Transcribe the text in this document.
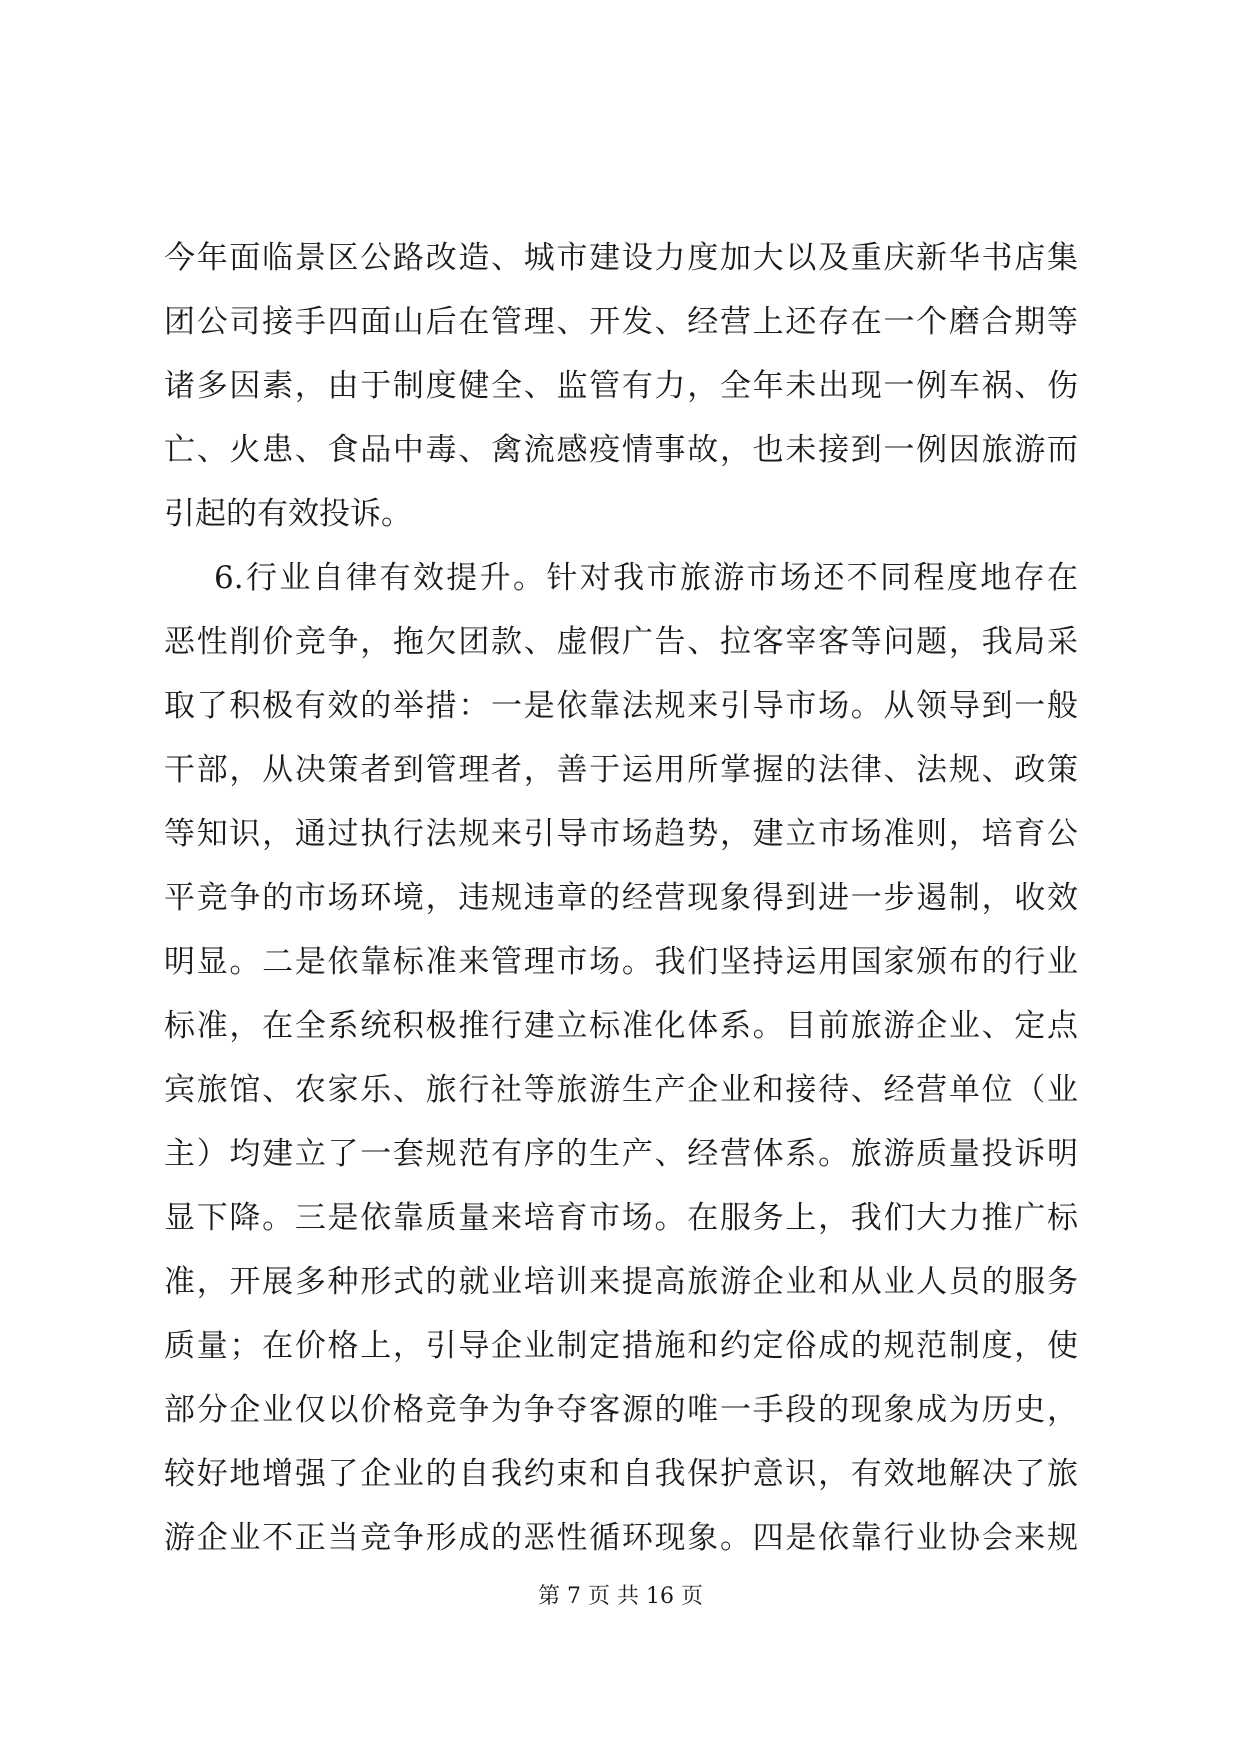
今年面临景区公路改造、城市建设力度加大以及重庆新华书店集
团公司接手四面山后在管理、开发、经营上还存在一个磨合期等
诸多因素，由于制度健全、监管有力，全年未出现一例车祸、伤
亡、火患、食品中毒、禽流感疫情事故，也未接到一例因旅游而
引起的有效投诉。
6.行业自律有效提升。针对我市旅游市场还不同程度地存在
恶性削价竞争，拖欠团款、虚假广告、拉客宰客等问题，我局采
取了积极有效的举措：一是依靠法规来引导市场。从领导到一般
干部，从决策者到管理者，善于运用所掌握的法律、法规、政策
等知识，通过执行法规来引导市场趋势，建立市场准则，培育公
平竞争的市场环境，违规违章的经营现象得到进一步遏制，收效
明显。二是依靠标准来管理市场。我们坚持运用国家颁布的行业
标准，在全系统积极推行建立标准化体系。目前旅游企业、定点
宾旅馆、农家乐、旅行社等旅游生产企业和接待、经营单位（业
主）均建立了一套规范有序的生产、经营体系。旅游质量投诉明
显下降。三是依靠质量来培育市场。在服务上，我们大力推广标
准，开展多种形式的就业培训来提高旅游企业和从业人员的服务
质量；在价格上，引导企业制定措施和约定俗成的规范制度，使
部分企业仅以价格竞争为争夺客源的唯一手段的现象成为历史，
较好地增强了企业的自我约束和自我保护意识，有效地解决了旅
游企业不正当竞争形成的恶性循环现象。四是依靠行业协会来规
第 7 页 共 16 页
